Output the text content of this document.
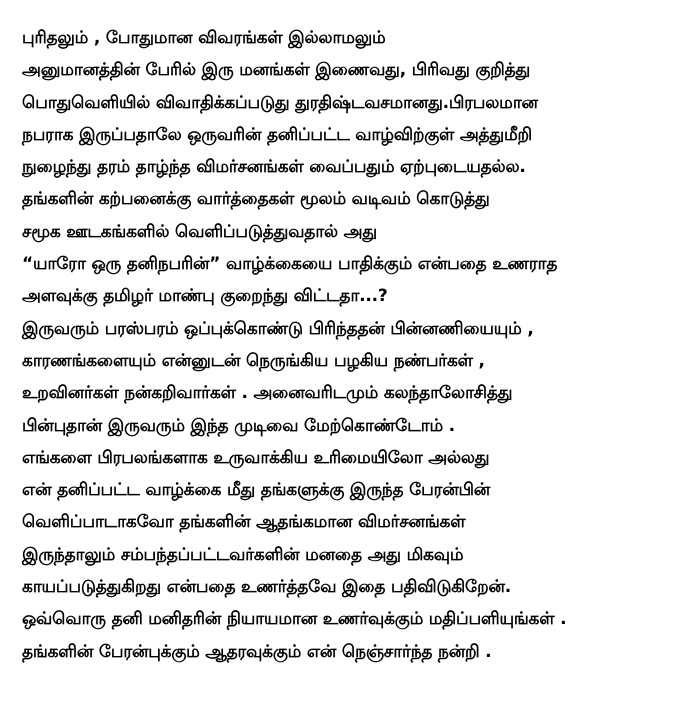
புரிதலும் , போதுமான விவரங்கள் இல்லாமலும்
அனுமானத்தின் பேரில் இரு மனங்கள் இணைவது, பிரிவது குறித்து
பொதுவெளியில் விவாதிக்கப்படுது துரதிஷ்டவசமானது.பிரபலமான
நபராக இருப்பதாலே ஒருவரின் தனிப்பட்ட வாழ்விற்குள் அத்துமீறி
நுழைந்து தரம் தாழ்ந்த விமர்சனங்கள் வைப்பதும் ஏற்புடையதல்ல.
தங்களின் கற்பனைக்கு வார்த்தைகள் மூலம் வடிவம் கொடுத்து
சமூக ஊடகங்களில் வெளிப்படுத்துவதால் அது
“யாரோ ஒரு தனிநபரின்” வாழ்க்கையை பாதிக்கும் என்பதை உணராத
அளவுக்கு தமிழர் மாண்பு குறைந்து விட்டதா...?
இருவரும் பரஸ்பரம் ஒப்புக்கொண்டு பிரிந்ததன் பின்னணியையும் ,
காரணங்களையும் என்னுடன் நெருங்கிய பழகிய நண்பர்கள் ,
உறவினர்கள் நன்கறிவார்கள் . அனைவரிடமும் கலந்தாலோசித்து
பின்புதான் இருவரும் இந்த முடிவை மேற்கொண்டோம் .
எங்களை பிரபலங்களாக உருவாக்கிய உரிமையிலோ அல்லது
என் தனிப்பட்ட வாழ்க்கை மீது தங்களுக்கு இருந்த பேரன்பின்
வெளிப்பாடாகவோ தங்களின் ஆதங்கமான விமர்சனங்கள்
இருந்தாலும் சம்பந்தப்பட்டவர்களின் மனதை அது மிகவும்
காயப்படுத்துகிறது என்பதை உணர்த்தவே இதை பதிவிடுகிறேன்.
ஒவ்வொரு தனி மனிதரின் நியாயமான உணர்வுக்கும் மதிப்பளியுங்கள் .
தங்களின் பேரன்புக்கும் ஆதரவுக்கும் என் நெஞ்சார்ந்த நன்றி .
